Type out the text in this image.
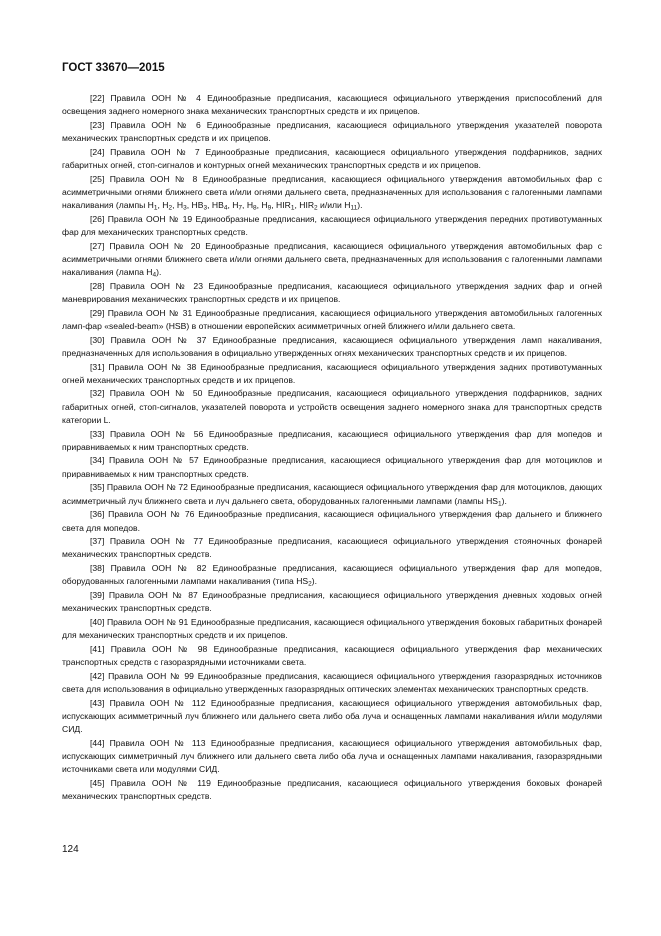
ГОСТ 33670—2015

[22] Правила ООН № 4 Единообразные предписания, касающиеся официального утверждения приспособлений для освещения заднего номерного знака механических транспортных средств и их прицепов.

[23] Правила ООН № 6 Единообразные предписания, касающиеся официального утверждения указателей поворота механических транспортных средств и их прицепов.

[24] Правила ООН № 7 Единообразные предписания, касающиеся официального утверждения подфарников, задних габаритных огней, стоп-сигналов и контурных огней механических транспортных средств и их прицепов.

[25] Правила ООН № 8 Единообразные предписания, касающиеся официального утверждения автомобильных фар с асимметричными огнями ближнего света и/или огнями дальнего света, предназначенных для использования с галогенными лампами накаливания (лампы $H_1$, $H_2$, $H_3$, $HB_3$, $HB_4$, $H_7$, $H_8$, $H_9$, $HIR_1$, $HIR_2$ и/или $H_{11}$).

[26] Правила ООН № 19 Единообразные предписания, касающиеся официального утверждения передних противотуманных фар для механических транспортных средств.

[27] Правила ООН № 20 Единообразные предписания, касающиеся официального утверждения автомобильных фар с асимметричными огнями ближнего света и/или огнями дальнего света, предназначенных для использования с галогенными лампами накаливания (лампа $H_4$).

[28] Правила ООН № 23 Единообразные предписания, касающиеся официального утверждения задних фар и огней маневрирования механических транспортных средств и их прицепов.

[29] Правила ООН № 31 Единообразные предписания, касающиеся официального утверждения автомобильных галогенных ламп-фар «sealed-beam» (HSB) в отношении европейских асимметричных огней ближнего и/или дальнего света.

[30] Правила ООН № 37 Единообразные предписания, касающиеся официального утверждения ламп накаливания, предназначенных для использования в официально утвержденных огнях механических транспортных средств и их прицепов.

[31] Правила ООН № 38 Единообразные предписания, касающиеся официального утверждения задних противотуманных огней механических транспортных средств и их прицепов.

[32] Правила ООН № 50 Единообразные предписания, касающиеся официального утверждения подфарников, задних габаритных огней, стоп-сигналов, указателей поворота и устройств освещения заднего номерного знака для транспортных средств категории L.

[33] Правила ООН № 56 Единообразные предписания, касающиеся официального утверждения фар для мопедов и приравниваемых к ним транспортных средств.

[34] Правила ООН № 57 Единообразные предписания, касающиеся официального утверждения фар для мотоциклов и приравниваемых к ним транспортных средств.

[35] Правила ООН № 72 Единообразные предписания, касающиеся официального утверждения фар для мотоциклов, дающих асимметричный луч ближнего света и луч дальнего света, оборудованных галогенными лампами (лампы $HS_1$).

[36] Правила ООН № 76 Единообразные предписания, касающиеся официального утверждения фар дальнего и ближнего света для мопедов.

[37] Правила ООН № 77 Единообразные предписания, касающиеся официального утверждения стояночных фонарей механических транспортных средств.

[38] Правила ООН № 82 Единообразные предписания, касающиеся официального утверждения фар для мопедов, оборудованных галогенными лампами накаливания (типа $HS_2$).

[39] Правила ООН № 87 Единообразные предписания, касающиеся официального утверждения дневных ходовых огней механических транспортных средств.

[40] Правила ООН № 91 Единообразные предписания, касающиеся официального утверждения боковых габаритных фонарей для механических транспортных средств и их прицепов.

[41] Правила ООН № 98 Единообразные предписания, касающиеся официального утверждения фар механических транспортных средств с газоразрядными источниками света.

[42] Правила ООН № 99 Единообразные предписания, касающиеся официального утверждения газоразрядных источников света для использования в официально утвержденных газоразрядных оптических элементах механических транспортных средств.

[43] Правила ООН № 112 Единообразные предписания, касающиеся официального утверждения автомобильных фар, испускающих асимметричный луч ближнего или дальнего света либо оба луча и оснащенных лампами накаливания и/или модулями СИД.

[44] Правила ООН № 113 Единообразные предписания, касающиеся официального утверждения автомобильных фар, испускающих симметричный луч ближнего или дальнего света либо оба луча и оснащенных лампами накаливания, газоразрядными источниками света или модулями СИД.

[45] Правила ООН № 119 Единообразные предписания, касающиеся официального утверждения боковых фонарей механических транспортных средств.

124
